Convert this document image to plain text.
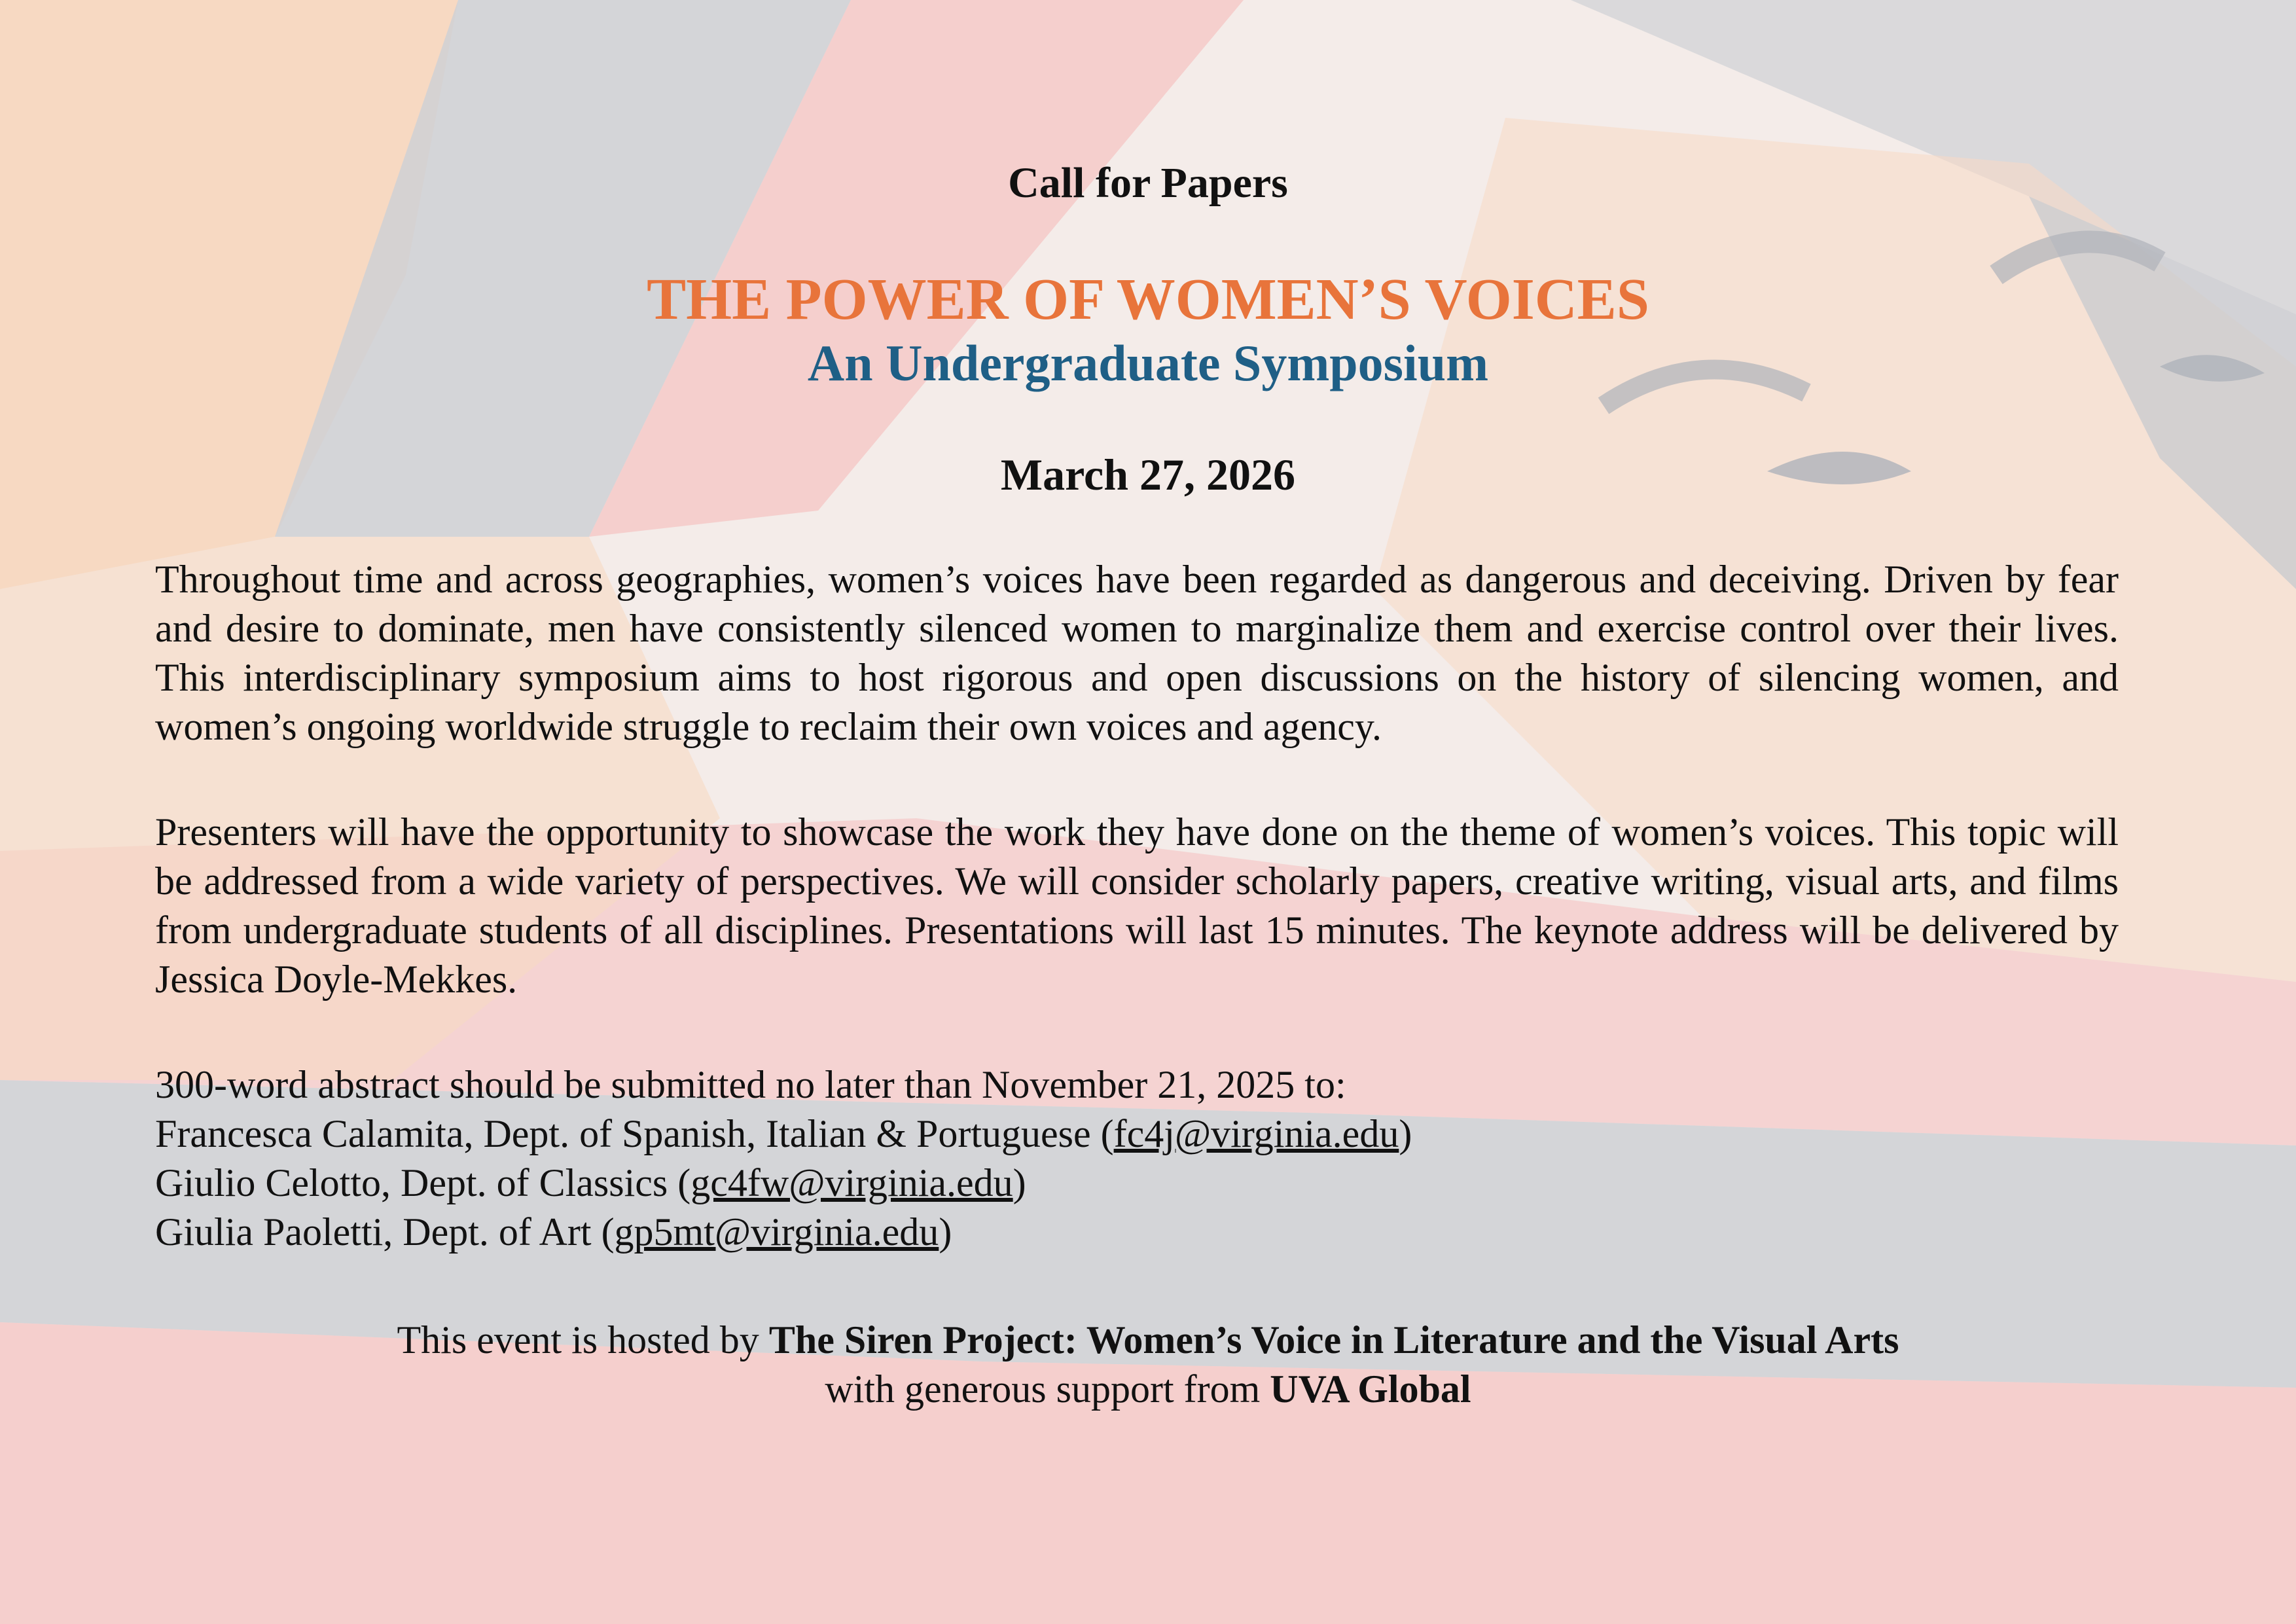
Call for Papers
THE POWER OF WOMEN’S VOICES
An Undergraduate Symposium
March 27, 2026
Throughout time and across geographies, women’s voices have been regarded as dangerous and deceiving. Driven by fear and desire to dominate, men have consistently silenced women to marginalize them and exercise control over their lives. This interdisciplinary symposium aims to host rigorous and open discussions on the history of silencing women, and women’s ongoing worldwide struggle to reclaim their own voices and agency.
Presenters will have the opportunity to showcase the work they have done on the theme of women’s voices. This topic will be addressed from a wide variety of perspectives. We will consider scholarly papers, creative writing, visual arts, and films from undergraduate students of all disciplines. Presentations will last 15 minutes. The keynote address will be delivered by Jessica Doyle-Mekkes.
300-word abstract should be submitted no later than November 21, 2025 to:
Francesca Calamita, Dept. of Spanish, Italian & Portuguese (fc4j@virginia.edu)
Giulio Celotto, Dept. of Classics (gc4fw@virginia.edu)
Giulia Paoletti, Dept. of Art (gp5mt@virginia.edu)
This event is hosted by The Siren Project: Women’s Voice in Literature and the Visual Arts
with generous support from UVA Global
